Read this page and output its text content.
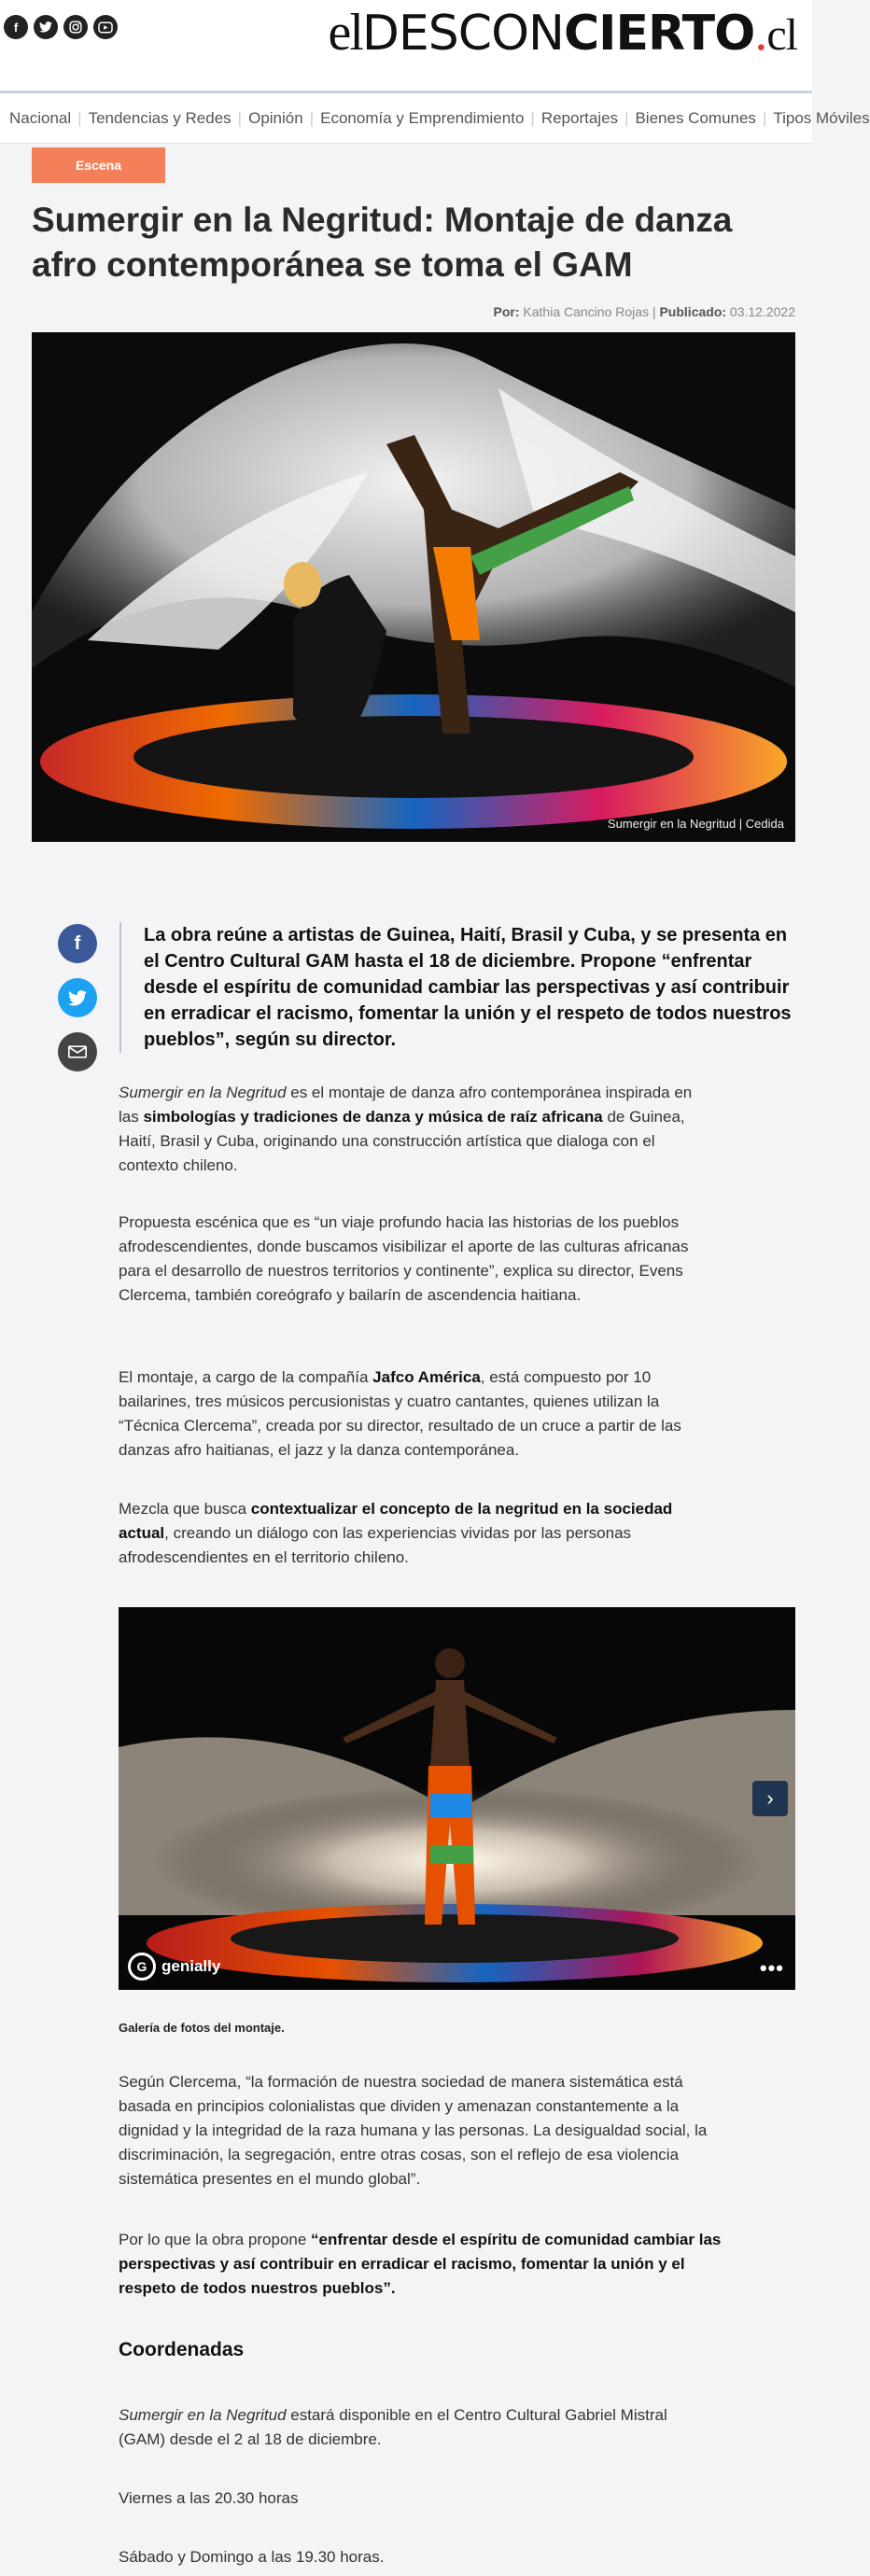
f	elDESCONCIERTO.cl
Nacional | Tendencias y Redes | Opinión | Economía y Emprendimiento | Reportajes | Bienes Comunes | Tipos Móviles
Escena
Sumergir en la Negritud: Montaje de danza afro contemporánea se toma el GAM
Por: Kathia Cancino Rojas | Publicado: 03.12.2022
Sumergir en la Negritud | Cedida
f	La obra reúne a artistas de Guinea, Haití, Brasil y Cuba, y se presenta en el Centro Cultural GAM hasta el 18 de diciembre. Propone “enfrentar desde el espíritu de comunidad cambiar las perspectivas y así contribuir en erradicar el racismo, fomentar la unión y el respeto de todos nuestros pueblos”, según su director.

Sumergir en la Negritud es el montaje de danza afro contemporánea inspirada en las simbologías y tradiciones de danza y música de raíz africana de Guinea, Haití, Brasil y Cuba, originando una construcción artística que dialoga con el contexto chileno.

Propuesta escénica que es “un viaje profundo hacia las historias de los pueblos afrodescendientes, donde buscamos visibilizar el aporte de las culturas africanas para el desarrollo de nuestros territorios y continente”, explica su director, Evens Clercema, también coreógrafo y bailarín de ascendencia haitiana.

El montaje, a cargo de la compañía Jafco América, está compuesto por 10 bailarines, tres músicos percusionistas y cuatro cantantes, quienes utilizan la “Técnica Clercema”, creada por su director, resultado de un cruce a partir de las danzas afro haitianas, el jazz y la danza contemporánea.

Mezcla que busca contextualizar el concepto de la negritud en la sociedad actual, creando un diálogo con las experiencias vividas por las personas afrodescendientes en el territorio chileno.

›
G genially	•••
Galería de fotos del montaje.

Según Clercema, “la formación de nuestra sociedad de manera sistemática está basada en principios colonialistas que dividen y amenazan constantemente a la dignidad y la integridad de la raza humana y las personas. La desigualdad social, la discriminación, la segregación, entre otras cosas, son el reflejo de esa violencia sistemática presentes en el mundo global”.

Por lo que la obra propone “enfrentar desde el espíritu de comunidad cambiar las perspectivas y así contribuir en erradicar el racismo, fomentar la unión y el respeto de todos nuestros pueblos”.

Coordenadas

Sumergir en la Negritud estará disponible en el Centro Cultural Gabriel Mistral (GAM) desde el 2 al 18 de diciembre.

Viernes a las 20.30 horas

Sábado y Domingo a las 19.30 horas.
